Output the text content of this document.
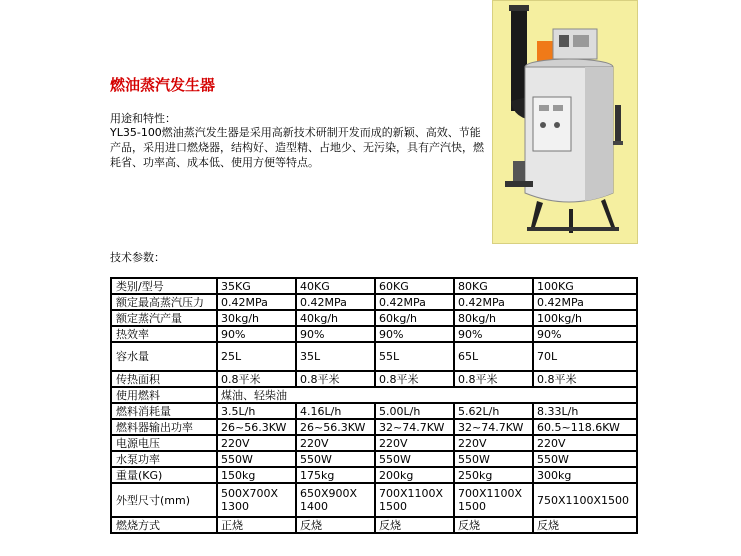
燃油蒸汽发生器
用途和特性：
YL35-100燃油蒸汽发生器是采用高新技术研制开发而成的新颖、高效、节能产品，采用进口燃烧器，结构好、造型精、占地少、无污染，具有产汽快，燃耗省、功率高、成本低、使用方便等特点。
技术参数：
类别/型号	35KG	40KG	60KG	80KG	100KG
额定最高蒸汽压力	0.42MPa	0.42MPa	0.42MPa	0.42MPa	0.42MPa
额定蒸汽产量	30kg/h	40kg/h	60kg/h	80kg/h	100kg/h
热效率	90%	90%	90%	90%	90%
容水量	25L	35L	55L	65L	70L
传热面积	0.8平米	0.8平米	0.8平米	0.8平米	0.8平米
使用燃料	煤油、轻柴油				
燃料消耗量	3.5L/h	4.16L/h	5.00L/h	5.62L/h	8.33L/h
燃料器输出功率	26~56.3KW	26~56.3KW	32~74.7KW	32~74.7KW	60.5~118.6KW
电源电压	220V	220V	220V	220V	220V
水泵功率	550W	550W	550W	550W	550W
重量(KG)	150kg	175kg	200kg	250kg	300kg
外型尺寸(mm)	500X700X 1300	650X900X 1400	700X1100X 1500	700X1100X 1500	750X1100X1500
燃烧方式	正烧	反烧	反烧	反烧	反烧
